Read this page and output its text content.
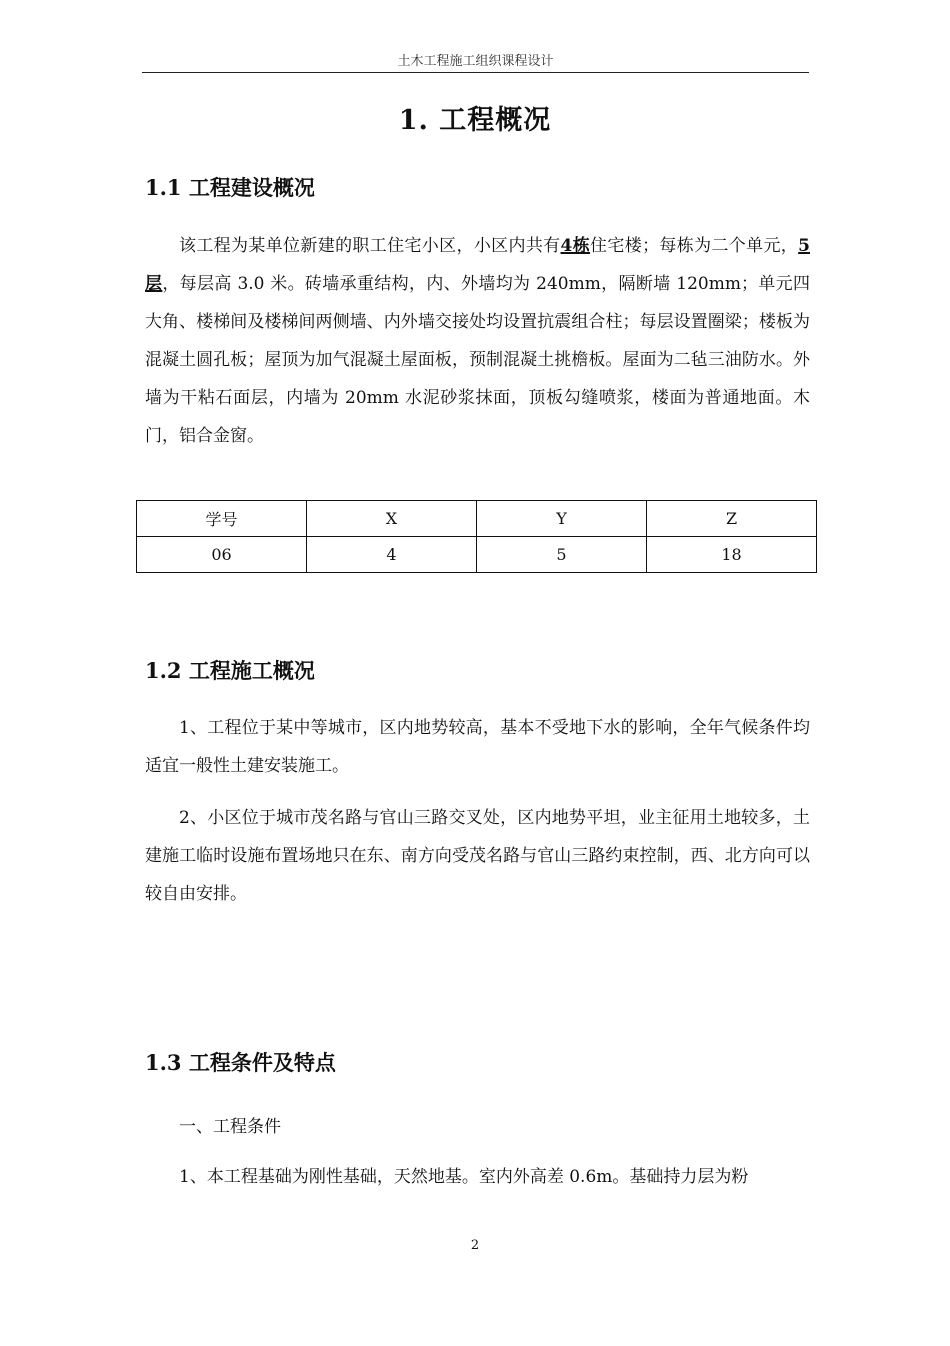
土木工程施工组织课程设计
1. 工程概况
1.1 工程建设概况
该工程为某单位新建的职工住宅小区，小区内共有4栋住宅楼；每栋为二个单元，5层，每层高 3.0 米。砖墙承重结构，内、外墙均为 240mm，隔断墙 120mm；单元四大角、楼梯间及楼梯间两侧墙、内外墙交接处均设置抗震组合柱；每层设置圈梁；楼板为混凝土圆孔板；屋顶为加气混凝土屋面板，预制混凝土挑檐板。屋面为二毡三油防水。外墙为干粘石面层，内墙为 20mm 水泥砂浆抹面，顶板勾缝喷浆，楼面为普通地面。木门，铝合金窗。
学号	X	Y	Z
06	4	5	18
1.2 工程施工概况
1、工程位于某中等城市，区内地势较高，基本不受地下水的影响，全年气候条件均适宜一般性土建安装施工。
2、小区位于城市茂名路与官山三路交叉处，区内地势平坦，业主征用土地较多，土建施工临时设施布置场地只在东、南方向受茂名路与官山三路约束控制，西、北方向可以较自由安排。
1.3 工程条件及特点
一、工程条件
1、本工程基础为刚性基础，天然地基。室内外高差 0.6m。基础持力层为粉
2
